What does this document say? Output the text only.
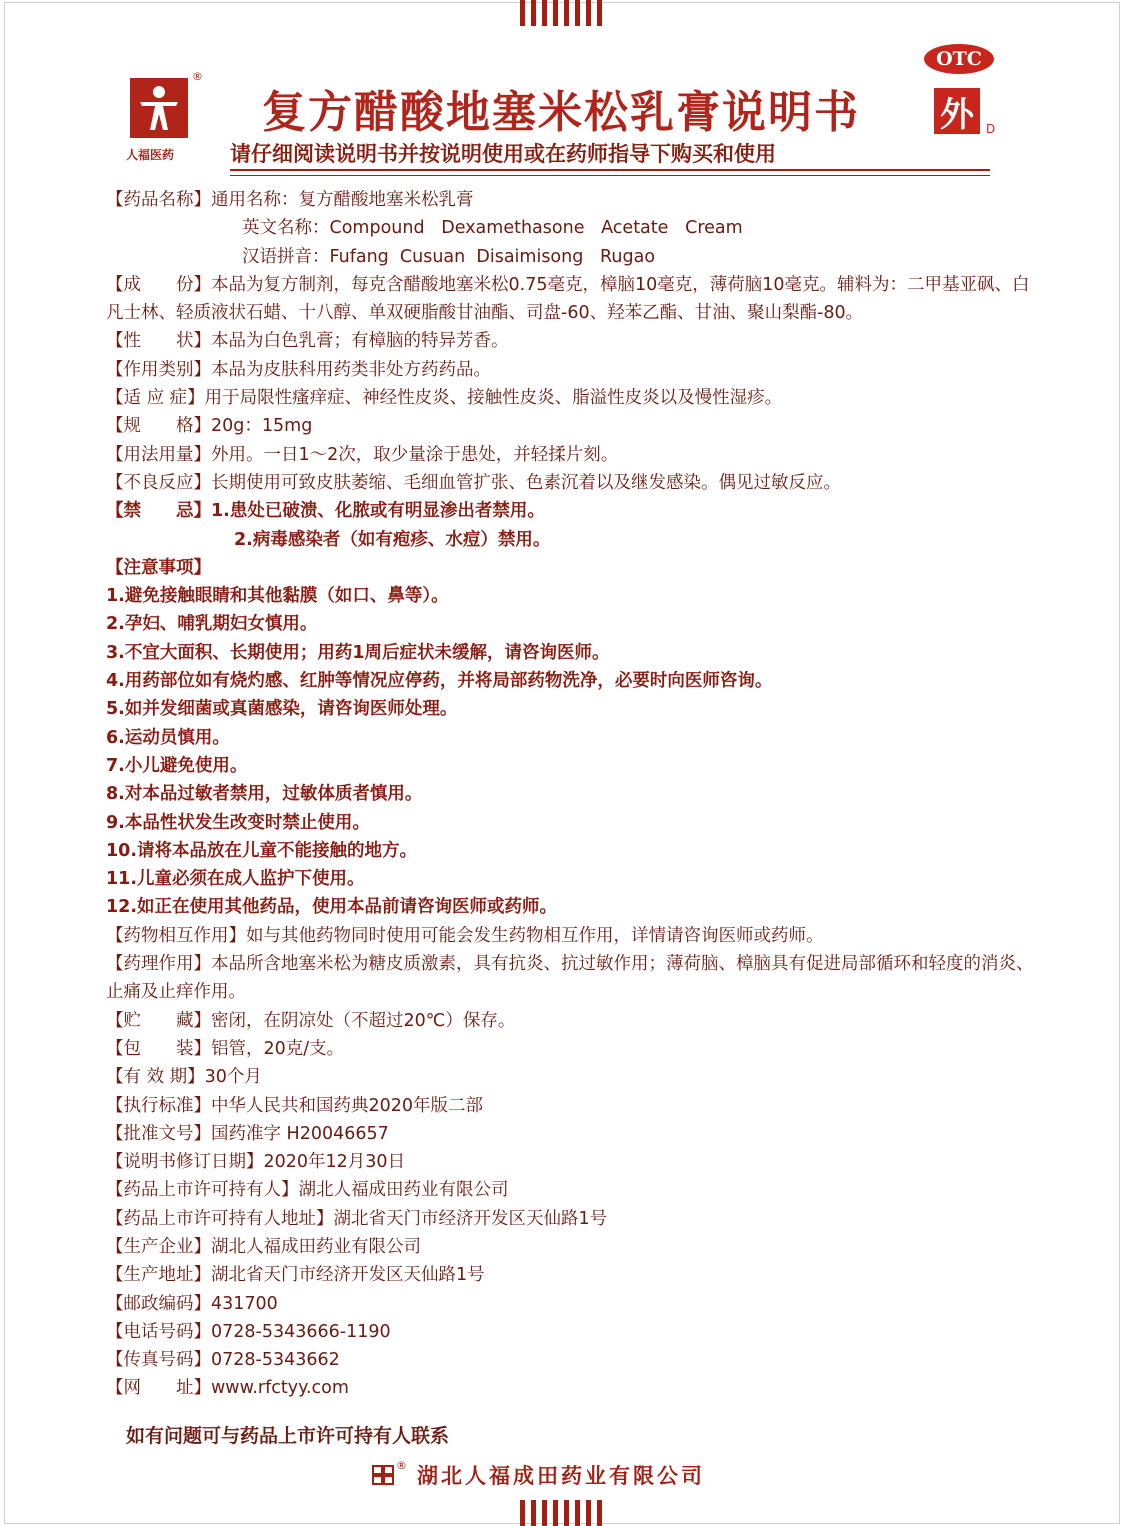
®
人福医药
复方醋酸地塞米松乳膏说明书
请仔细阅读说明书并按说明使用或在药师指导下购买和使用
OTC
外	D
【药品名称】通用名称：复方醋酸地塞米松乳膏
英文名称：Compound   Dexamethasone   Acetate   Cream
汉语拼音：Fufang  Cusuan  Disaimisong   Rugao
【成　　份】本品为复方制剂，每克含醋酸地塞米松0.75毫克，樟脑10毫克，薄荷脑10毫克。辅料为：二甲基亚砜、白凡士林、轻质液状石蜡、十八醇、单双硬脂酸甘油酯、司盘-60、羟苯乙酯、甘油、聚山梨酯-80。
【性　　状】本品为白色乳膏；有樟脑的特异芳香。
【作用类别】本品为皮肤科用药类非处方药药品。
【适 应 症】用于局限性瘙痒症、神经性皮炎、接触性皮炎、脂溢性皮炎以及慢性湿疹。
【规　　格】20g：15mg
【用法用量】外用。一日1～2次，取少量涂于患处，并轻揉片刻。
【不良反应】长期使用可致皮肤萎缩、毛细血管扩张、色素沉着以及继发感染。偶见过敏反应。
【禁　　忌】1.患处已破溃、化脓或有明显渗出者禁用。
2.病毒感染者（如有疱疹、水痘）禁用。
【注意事项】
1.避免接触眼睛和其他黏膜（如口、鼻等）。
2.孕妇、哺乳期妇女慎用。
3.不宜大面积、长期使用；用药1周后症状未缓解，请咨询医师。
4.用药部位如有烧灼感、红肿等情况应停药，并将局部药物洗净，必要时向医师咨询。
5.如并发细菌或真菌感染，请咨询医师处理。
6.运动员慎用。
7.小儿避免使用。
8.对本品过敏者禁用，过敏体质者慎用。
9.本品性状发生改变时禁止使用。
10.请将本品放在儿童不能接触的地方。
11.儿童必须在成人监护下使用。
12.如正在使用其他药品，使用本品前请咨询医师或药师。
【药物相互作用】如与其他药物同时使用可能会发生药物相互作用，详情请咨询医师或药师。
【药理作用】本品所含地塞米松为糖皮质激素，具有抗炎、抗过敏作用；薄荷脑、樟脑具有促进局部循环和轻度的消炎、止痛及止痒作用。
【贮　　藏】密闭，在阴凉处（不超过20℃）保存。
【包　　装】铝管，20克/支。
【有 效 期】30个月
【执行标准】中华人民共和国药典2020年版二部
【批准文号】国药准字 H20046657
【说明书修订日期】2020年12月30日
【药品上市许可持有人】湖北人福成田药业有限公司
【药品上市许可持有人地址】湖北省天门市经济开发区天仙路1号
【生产企业】湖北人福成田药业有限公司
【生产地址】湖北省天门市经济开发区天仙路1号
【邮政编码】431700
【电话号码】0728-5343666-1190
【传真号码】0728-5343662
【网　　址】www.rfctyy.com
如有问题可与药品上市许可持有人联系
® 湖北人福成田药业有限公司
